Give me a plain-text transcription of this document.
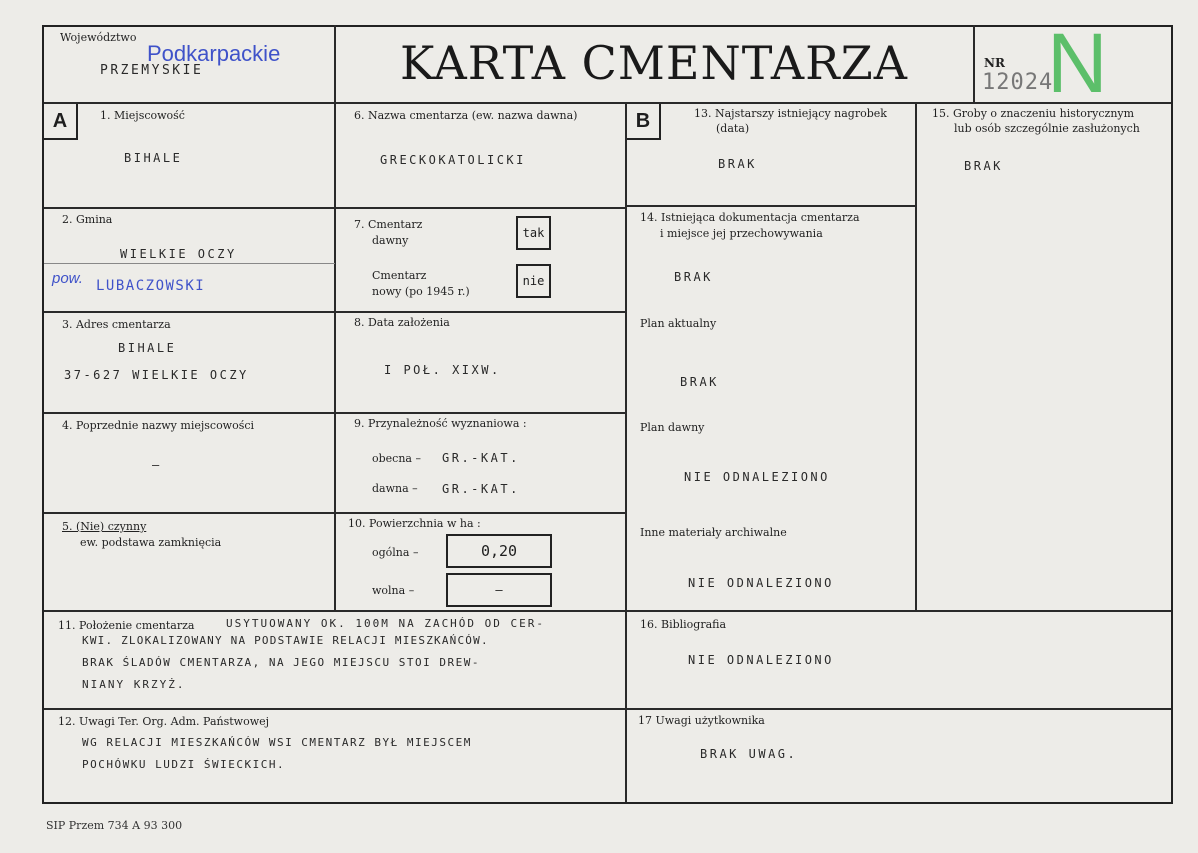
Województwo
Podkarpackie
PRZEMYSKIE	KARTA CMENTARZA	NR
12024
N
A	B
1. Miejscowość
BIHALE
2. Gmina
WIELKIE OCZY
pow. LUBACZOWSKI
3. Adres cmentarza
BIHALE
37-627 WIELKIE OCZY
4. Poprzednie nazwy miejscowości
—
5. (Nie) czynny
ew. podstawa zamknięcia
6. Nazwa cmentarza (ew. nazwa dawna)
GRECKOKATOLICKI
7. Cmentarz
dawny
tak
Cmentarz
nowy (po 1945 r.)
nie
8. Data założenia
I POŁ. XIXW.
9. Przynależność wyznaniowa :
obecna – GR.-KAT.
dawna – GR.-KAT.
10. Powierzchnia w ha :
ogólna –	0,20
wolna –	–
11. Położenie cmentarza	USYTUOWANY OK. 100M NA ZACHÓD OD CER-
KWI. ZLOKALIZOWANY NA PODSTAWIE RELACJI MIESZKAŃCÓW.
BRAK ŚLADÓW CMENTARZA, NA JEGO MIEJSCU STOI DREW-
NIANY KRZYŻ.
12. Uwagi Ter. Org. Adm. Państwowej
WG RELACJI MIESZKAŃCÓW WSI CMENTARZ BYŁ MIEJSCEM
POCHÓWKU LUDZI ŚWIECKICH.
13. Najstarszy istniejący nagrobek
(data)
BRAK
14. Istniejąca dokumentacja cmentarza
i miejsce jej przechowywania
BRAK
Plan aktualny
BRAK
Plan dawny
NIE ODNALEZIONO
Inne materiały archiwalne
NIE ODNALEZIONO
15. Groby o znaczeniu historycznym
lub osób szczególnie zasłużonych
BRAK
16. Bibliografia
NIE ODNALEZIONO
17 Uwagi użytkownika
BRAK UWAG.
SIP Przem 734 A 93 300
